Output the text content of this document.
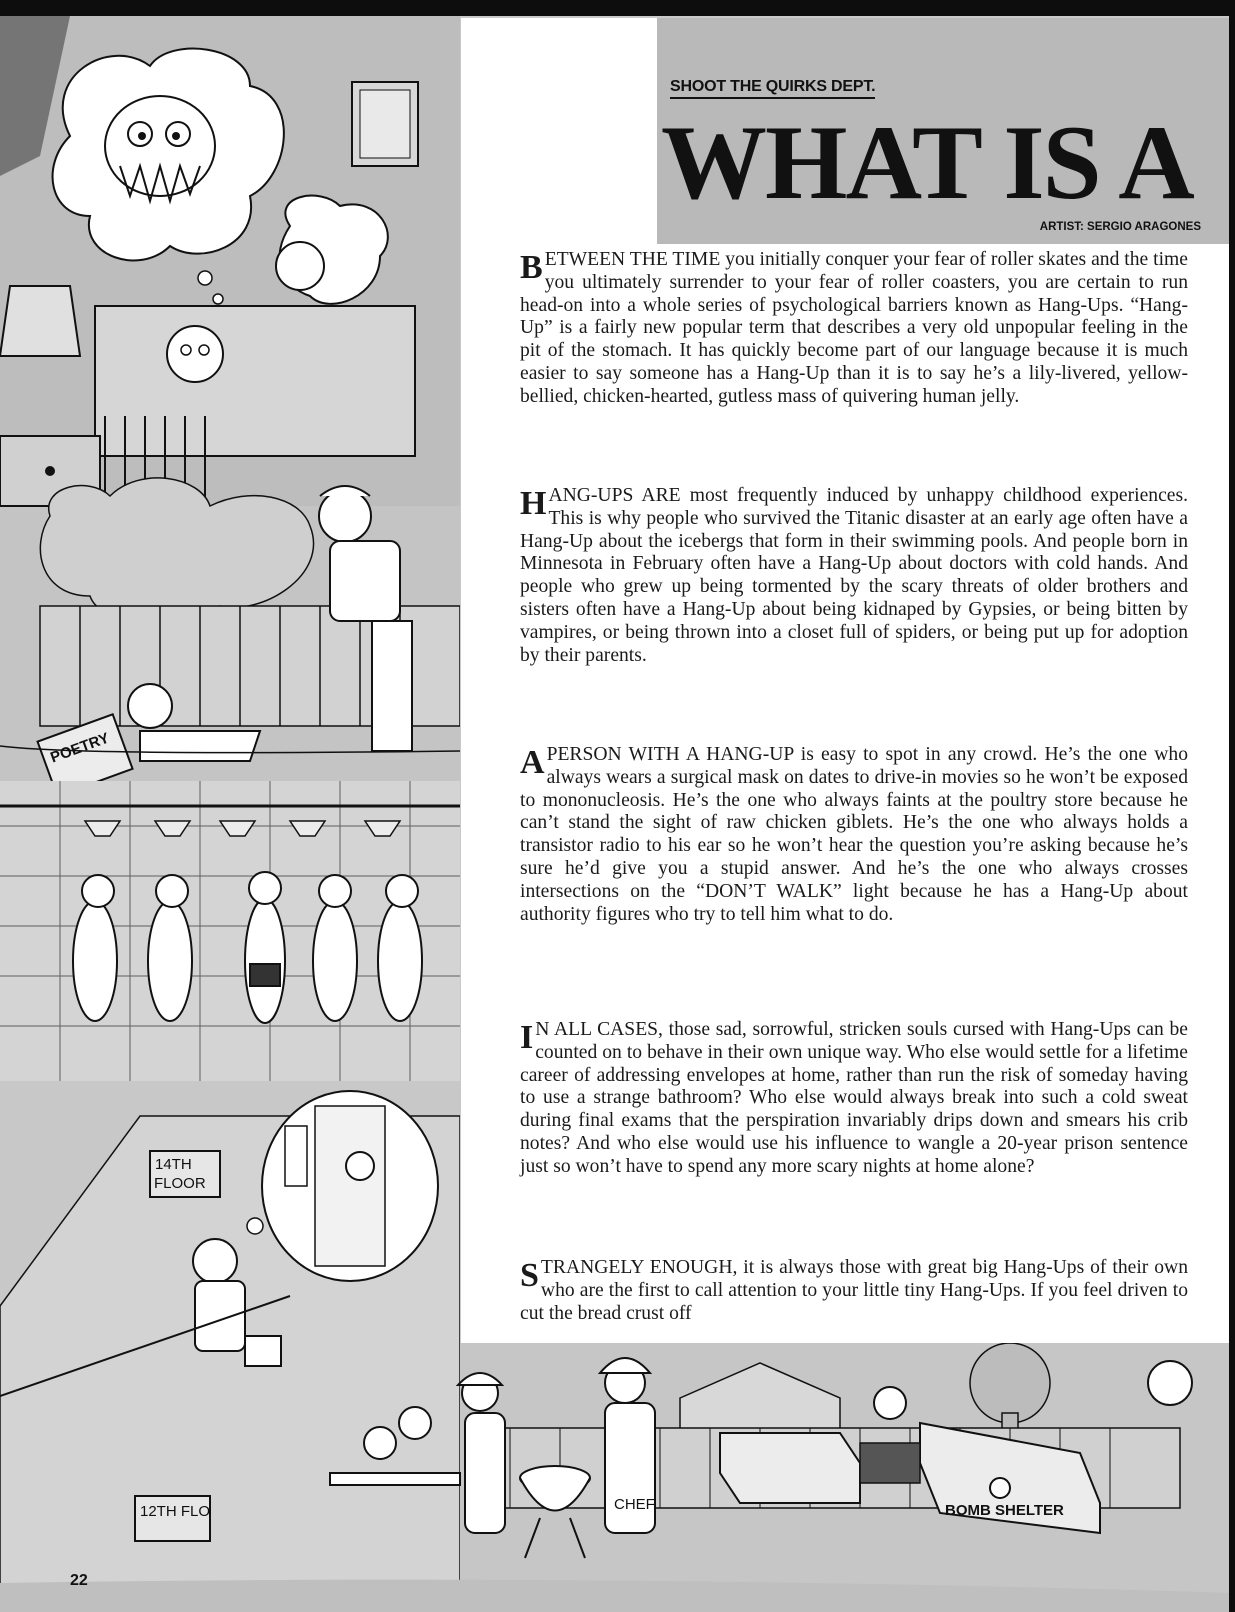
POETRY
14TH
FLOOR
12TH FLO
SHOOT THE QUIRKS DEPT.
WHAT IS A

ARTIST: SERGIO ARAGONES

BETWEEN THE TIME you initially conquer your fear of roller skates and the time you ultimately surrender to your fear of roller coasters, you are certain to run head-on into a whole series of psychological barriers known as Hang-Ups. “Hang-Up” is a fairly new popular term that describes a very old unpopular feeling in the pit of the stomach. It has quickly become part of our language because it is much easier to say someone has a Hang-Up than it is to say he’s a lily-livered, yellow-bellied, chicken-hearted, gutless mass of quivering human jelly.

HANG-UPS ARE most frequently induced by unhappy childhood experiences. This is why people who survived the Titanic disaster at an early age often have a Hang-Up about the icebergs that form in their swimming pools. And people born in Minnesota in February often have a Hang-Up about doctors with cold hands. And people who grew up being tormented by the scary threats of older brothers and sisters often have a Hang-Up about being kidnaped by Gypsies, or being bitten by vampires, or being thrown into a closet full of spiders, or being put up for adoption by their parents.

A PERSON WITH A HANG-UP is easy to spot in any crowd. He’s the one who always wears a surgical mask on dates to drive-in movies so he won’t be exposed to mononucleosis. He’s the one who always faints at the poultry store because he can’t stand the sight of raw chicken giblets. He’s the one who always holds a transistor radio to his ear so he won’t hear the question you’re asking because he’s sure he’d give you a stupid answer. And he’s the one who always crosses intersections on the “DON’T WALK” light because he has a Hang-Up about authority figures who try to tell him what to do.

I N ALL CASES, those sad, sorrowful, stricken souls cursed with Hang-Ups can be counted on to behave in their own unique way. Who else would settle for a lifetime career of addressing envelopes at home, rather than run the risk of someday having to use a strange bathroom? Who else would always break into such a cold sweat during final exams that the perspiration invariably drips down and smears his crib notes? And who else would use his influence to wangle a 20-year prison sentence just so won’t have to spend any more scary nights at home alone?

STRANGELY ENOUGH, it is always those with great big Hang-Ups of their own who are the first to call attention to your little tiny Hang-Ups. If you feel driven to cut the bread crust off

CHEF	BOMB SHELTER

22
